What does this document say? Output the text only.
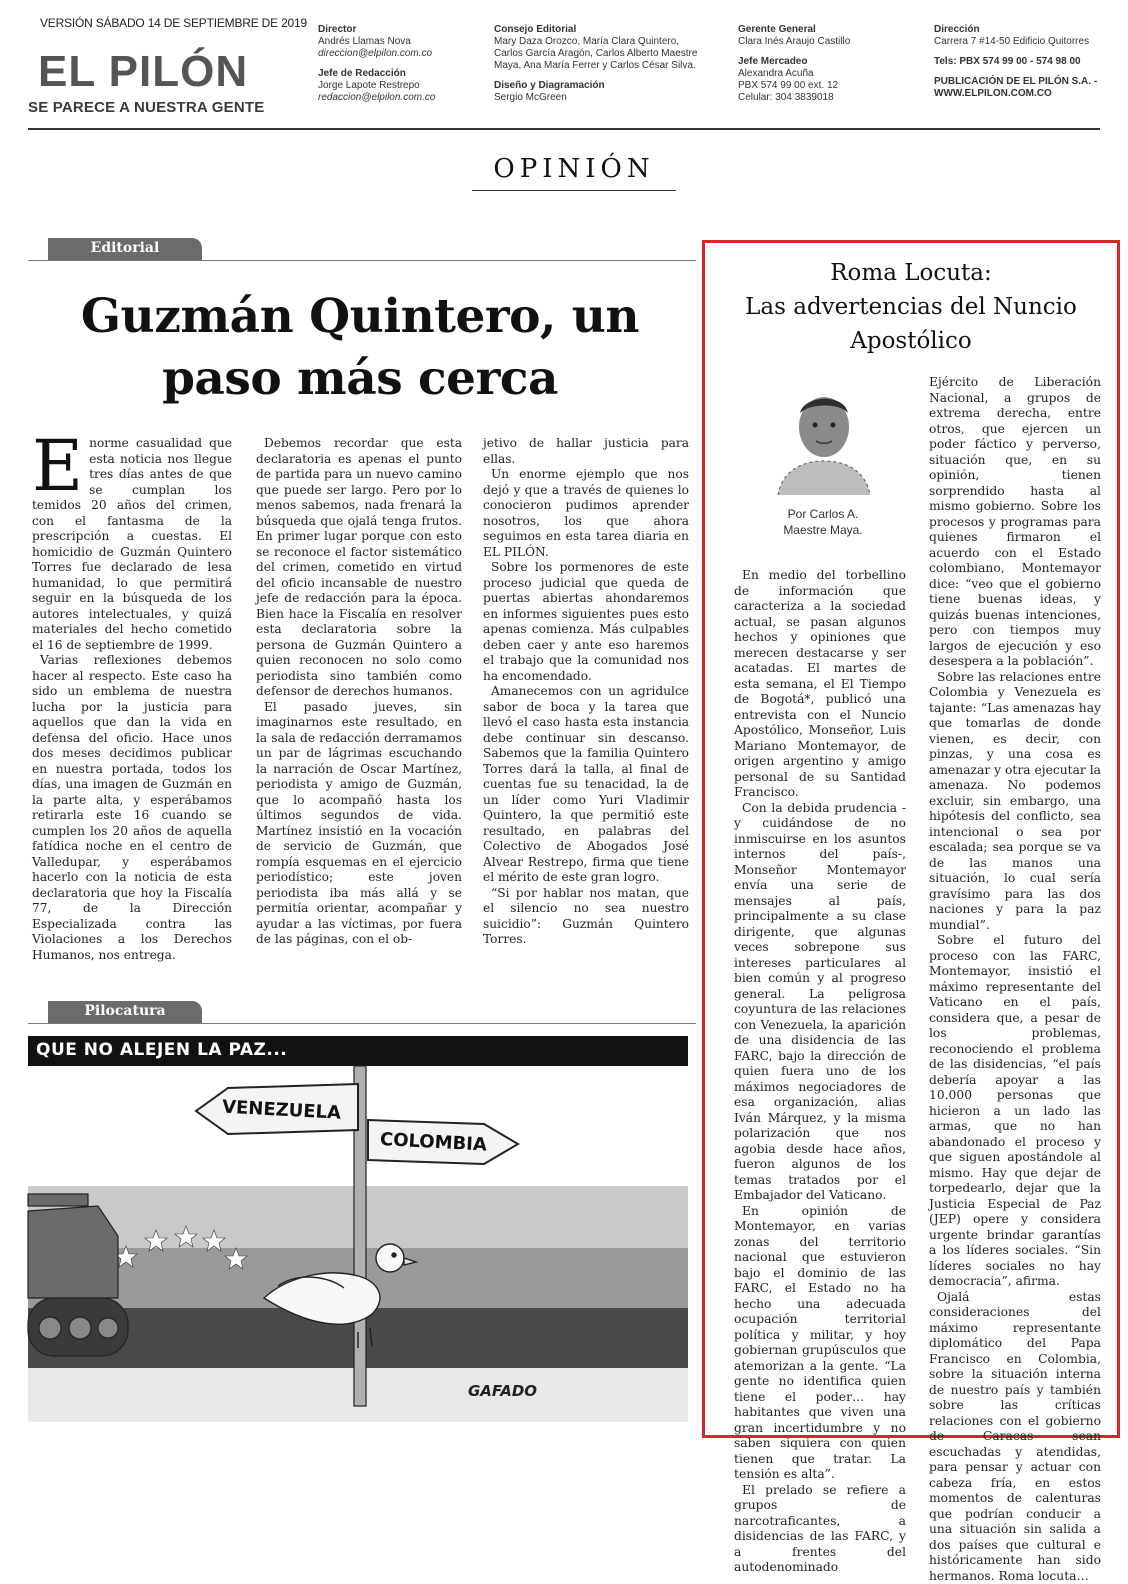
VERSIÓN SÁBADO 14 DE SEPTIEMBRE DE 2019
EL PILÓN
SE PARECE A NUESTRA GENTE
Director
Andrés Llamas Nova
direccion@elpilon.com.co
Jefe de Redacción
Jorge Lapote Restrepo
redaccion@elpilon.com.co
Consejo Editorial
Mary Daza Orozco, María Clara Quintero,
Carlos García Aragón, Carlos Alberto Maestre
Maya, Ana María Ferrer y Carlos César Silva.
Diseño y Diagramación
Sergio McGreen
Gerente General
Clara Inés Araujo Castillo
Jefe Mercadeo
Alexandra Acuña
PBX 574 99 00 ext. 12
Celular: 304 3839018
Dirección
Carrera 7 #14-50 Edificio Quitorres
Tels: PBX 574 99 00 - 574 98 00
PUBLICACIÓN DE EL PILÓN S.A. -
WWW.ELPILON.COM.CO
OPINIÓN
Editorial
Guzmán Quintero, un paso más cerca
E norme casualidad que esta noticia nos llegue tres días antes de que se cumplan los temidos 20 años del crimen, con el fantasma de la prescripción a cuestas. El homicidio de Guzmán Quintero Torres fue declarado de lesa humanidad, lo que permitirá seguir en la búsqueda de los autores intelectuales, y quizá materiales del hecho cometido el 16 de septiembre de 1999.

Varias reflexiones debemos hacer al respecto. Este caso ha sido un emblema de nuestra lucha por la justicia para aquellos que dan la vida en defensa del oficio. Hace unos dos meses decidimos publicar en nuestra portada, todos los días, una imagen de Guzmán en la parte alta, y esperábamos retirarla este 16 cuando se cumplen los 20 años de aquella fatídica noche en el centro de Valledupar, y esperábamos hacerlo con la noticia de esta declaratoria que hoy la Fiscalía 77, de la Dirección Especializada contra las Violaciones a los Derechos Humanos, nos entrega.

Debemos recordar que esta declaratoria es apenas el punto de partida para un nuevo camino que puede ser largo. Pero por lo menos sabemos, nada frenará la búsqueda que ojalá tenga frutos. En primer lugar porque con esto se reconoce el factor sistemático del crimen, cometido en virtud del oficio incansable de nuestro jefe de redacción para la época. Bien hace la Fiscalía en resolver esta declaratoria sobre la persona de Guzmán Quintero a quien reconocen no solo como periodista sino también como defensor de derechos humanos.

El pasado jueves, sin imaginarnos este resultado, en la sala de redacción derramamos un par de lágrimas escuchando la narración de Oscar Martínez, periodista y amigo de Guzmán, que lo acompañó hasta los últimos segundos de vida. Martínez insistió en la vocación de servicio de Guzmán, que rompía esquemas en el ejercicio periodístico; este joven periodista iba más allá y se permitía orientar, acompañar y ayudar a las víctimas, por fuera de las páginas, con el ob-

jetivo de hallar justicia para ellas.

Un enorme ejemplo que nos dejó y que a través de quienes lo conocieron pudimos aprender nosotros, los que ahora seguimos en esta tarea diaria en EL PILÓN.

Sobre los pormenores de este proceso judicial que queda de puertas abiertas ahondaremos en informes siguientes pues esto apenas comienza. Más culpables deben caer y ante eso haremos el trabajo que la comunidad nos ha encomendado.

Amanecemos con un agridulce sabor de boca y la tarea que llevó el caso hasta esta instancia debe continuar sin descanso. Sabemos que la familia Quintero Torres dará la talla, al final de cuentas fue su tenacidad, la de un líder como Yuri Vladimir Quintero, la que permitió este resultado, en palabras del Colectivo de Abogados José Alvear Restrepo, firma que tiene el mérito de este gran logro.

“Si por hablar nos matan, que el silencio no sea nuestro suicidio”: Guzmán Quintero Torres.

Pilocatura
QUE NO ALEJEN LA PAZ...
VENEZUELA
COLOMBIA
GAFADO
Roma Locuta:
Las advertencias del Nuncio
Apostólico
Por Carlos A.
Maestre Maya.

En medio del torbellino de información que caracteriza a la sociedad actual, se pasan algunos hechos y opiniones que merecen destacarse y ser acatadas. El martes de esta semana, el El Tiempo de Bogotá*, publicó una entrevista con el Nuncio Apostólico, Monseñor, Luis Mariano Montemayor, de origen argentino y amigo personal de su Santidad Francisco.

Con la debida prudencia -y cuidándose de no inmiscuirse en los asuntos internos del país-, Monseñor Montemayor envía una serie de mensajes al país, principalmente a su clase dirigente, que algunas veces sobrepone sus intereses particulares al bien común y al progreso general. La peligrosa coyuntura de las relaciones con Venezuela, la aparición de una disidencia de las FARC, bajo la dirección de quien fuera uno de los máximos negociadores de esa organización, alias Iván Márquez, y la misma polarización que nos agobia desde hace años, fueron algunos de los temas tratados por el Embajador del Vaticano.

En opinión de Montemayor, en varias zonas del territorio nacional que estuvieron bajo el dominio de las FARC, el Estado no ha hecho una adecuada ocupación territorial política y militar, y hoy gobiernan grupúsculos que atemorizan a la gente. “La gente no identifica quien tiene el poder… hay habitantes que viven una gran incertidumbre y no saben siquiera con quien tienen que tratar. La tensión es alta”.

El prelado se refiere a grupos de narcotraficantes, a disidencias de las FARC, y a frentes del autodenominado

Ejército de Liberación Nacional, a grupos de extrema derecha, entre otros, que ejercen un poder fáctico y perverso, situación que, en su opinión, tienen sorprendido hasta al mismo gobierno. Sobre los procesos y programas para quienes firmaron el acuerdo con el Estado colombiano, Montemayor dice: “veo que el gobierno tiene buenas ideas, y quizás buenas intenciones, pero con tiempos muy largos de ejecución y eso desespera a la población”.

Sobre las relaciones entre Colombia y Venezuela es tajante: “Las amenazas hay que tomarlas de donde vienen, es decir, con pinzas, y una cosa es amenazar y otra ejecutar la amenaza. No podemos excluir, sin embargo, una hipótesis del conflicto, sea intencional o sea por escalada; sea porque se va de las manos una situación, lo cual sería gravísimo para las dos naciones y para la paz mundial”.

Sobre el futuro del proceso con las FARC, Montemayor, insistió el máximo representante del Vaticano en el país, considera que, a pesar de los problemas, reconociendo el problema de las disidencias, “el país debería apoyar a las 10.000 personas que hicieron a un lado las armas, que no han abandonado el proceso y que siguen apostándole al mismo. Hay que dejar de torpedearlo, dejar que la Justicia Especial de Paz (JEP) opere y considera urgente brindar garantías a los líderes sociales. “Sin líderes sociales no hay democracia”, afirma.

Ojalá estas consideraciones del máximo representante diplomático del Papa Francisco en Colombia, sobre la situación interna de nuestro país y también sobre las críticas relaciones con el gobierno de Caracas sean escuchadas y atendidas, para pensar y actuar con cabeza fría, en estos momentos de calenturas que podrían conducir a una situación sin salida a dos países que cultural e históricamente han sido hermanos. Roma locuta…
